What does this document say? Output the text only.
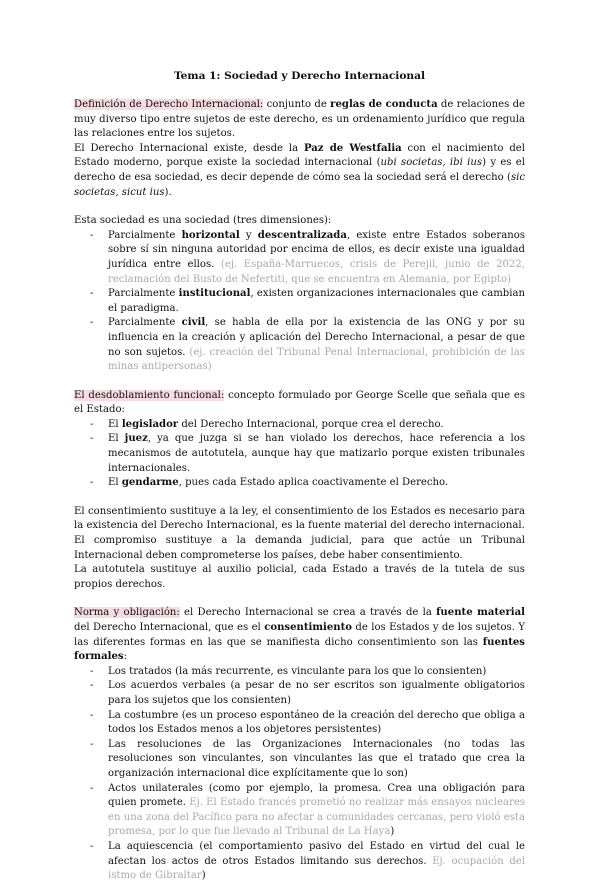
Tema 1: Sociedad y Derecho Internacional

Definición de Derecho Internacional: conjunto de reglas de conducta de relaciones de muy diverso tipo entre sujetos de este derecho, es un ordenamiento jurídico que regula las relaciones entre los sujetos.

El Derecho Internacional existe, desde la Paz de Westfalia con el nacimiento del Estado moderno, porque existe la sociedad internacional (ubi societas, ibi ius) y es el derecho de esa sociedad, es decir depende de cómo sea la sociedad será el derecho (sic societas, sicut ius).

Esta sociedad es una sociedad (tres dimensiones):

- Parcialmente horizontal y descentralizada, existe entre Estados soberanos sobre sí sin ninguna autoridad por encima de ellos, es decir existe una igualdad jurídica entre ellos. (ej. España-Marruecos, crisis de Perejil, junio de 2022, reclamación del Busto de Nefertiti, que se encuentra en Alemania, por Egipto)
- Parcialmente institucional, existen organizaciones internacionales que cambian el paradigma.
- Parcialmente civil, se habla de ella por la existencia de las ONG y por su influencia en la creación y aplicación del Derecho Internacional, a pesar de que no son sujetos. (ej. creación del Tribunal Penal Internacional, prohibición de las minas antipersonas)

El desdoblamiento funcional: concepto formulado por George Scelle que señala que es el Estado:

- El legislador del Derecho Internacional, porque crea el derecho.
- El juez, ya que juzga si se han violado los derechos, hace referencia a los mecanismos de autotutela, aunque hay que matizarlo porque existen tribunales internacionales.
- El gendarme, pues cada Estado aplica coactivamente el Derecho.

El consentimiento sustituye a la ley, el consentimiento de los Estados es necesario para la existencia del Derecho Internacional, es la fuente material del derecho internacional.

El compromiso sustituye a la demanda judicial, para que actúe un Tribunal Internacional deben comprometerse los países, debe haber consentimiento.

La autotutela sustituye al auxilio policial, cada Estado a través de la tutela de sus propios derechos.

Norma y obligación: el Derecho Internacional se crea a través de la fuente material del Derecho Internacional, que es el consentimiento de los Estados y de los sujetos. Y las diferentes formas en las que se manifiesta dicho consentimiento son las fuentes formales:

- Los tratados (la más recurrente, es vinculante para los que lo consienten)
- Los acuerdos verbales (a pesar de no ser escritos son igualmente obligatorios para los sujetos que los consienten)
- La costumbre (es un proceso espontáneo de la creación del derecho que obliga a todos los Estados menos a los objetores persistentes)
- Las resoluciones de las Organizaciones Internacionales (no todas las resoluciones son vinculantes, son vinculantes las que el tratado que crea la organización internacional dice explícitamente que lo son)
- Actos unilaterales (como por ejemplo, la promesa. Crea una obligación para quien promete. Ej. El Estado francés prometió no realizar más ensayos nucleares en una zona del Pacífico para no afectar a comunidades cercanas, pero violó esta promesa, por lo que fue llevado al Tribunal de La Haya)
- La aquiescencia (el comportamiento pasivo del Estado en virtud del cual le afectan los actos de otros Estados limitando sus derechos. Ej. ocupación del istmo de Gibraltar)
